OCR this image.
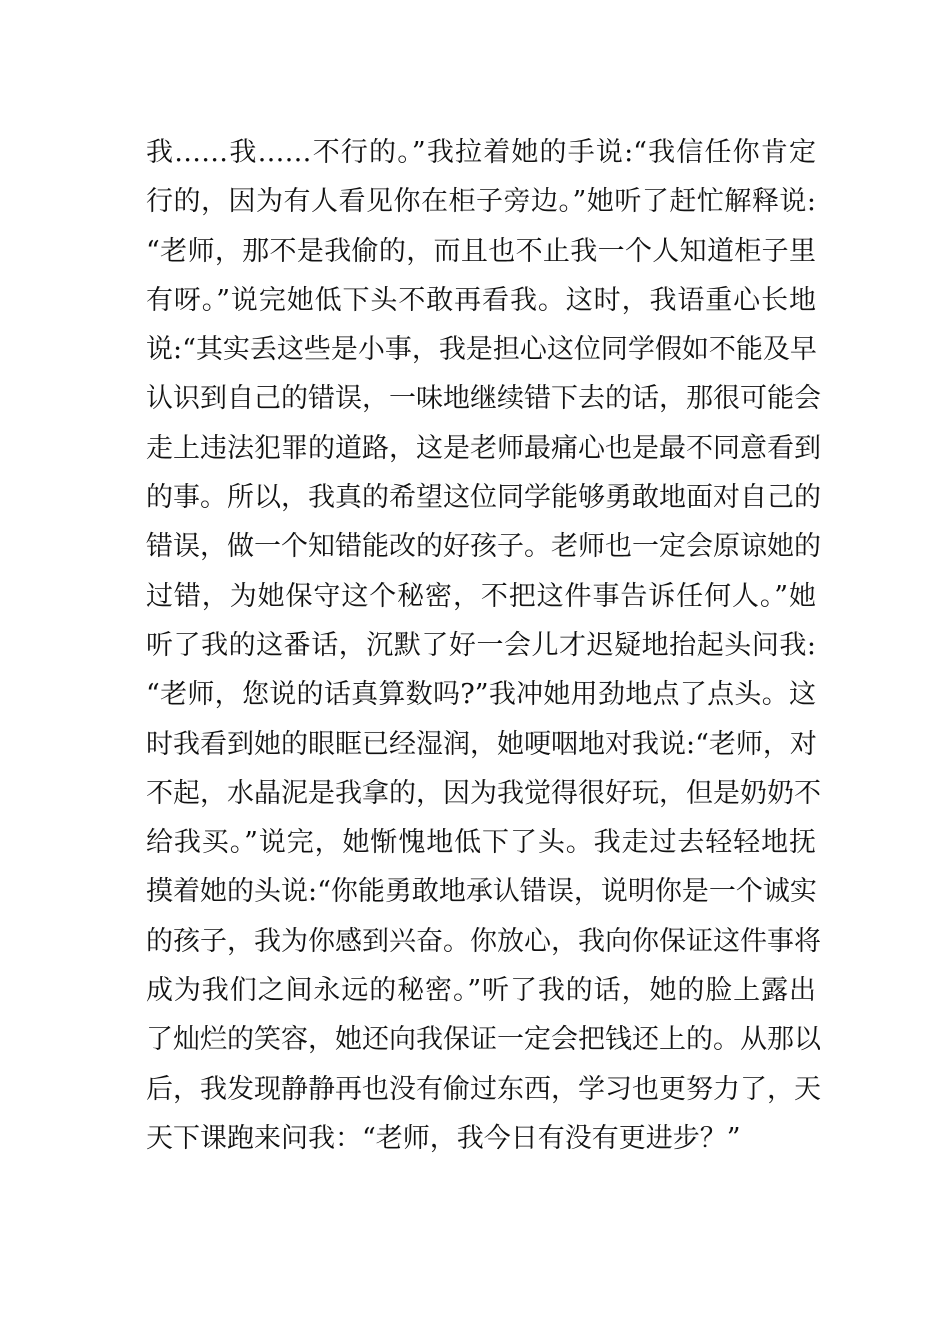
我……我……不行的。”我拉着她的手说:“我信任你肯定
行的，因为有人看见你在柜子旁边。”她听了赶忙解释说:
“老师，那不是我偷的，而且也不止我一个人知道柜子里
有呀。”说完她低下头不敢再看我。这时，我语重心长地
说:“其实丢这些是小事，我是担心这位同学假如不能及早
认识到自己的错误，一味地继续错下去的话，那很可能会
走上违法犯罪的道路，这是老师最痛心也是最不同意看到
的事。所以，我真的希望这位同学能够勇敢地面对自己的
错误，做一个知错能改的好孩子。老师也一定会原谅她的
过错，为她保守这个秘密，不把这件事告诉任何人。”她
听了我的这番话，沉默了好一会儿才迟疑地抬起头问我:
“老师，您说的话真算数吗?”我冲她用劲地点了点头。这
时我看到她的眼眶已经湿润，她哽咽地对我说:“老师，对
不起，水晶泥是我拿的，因为我觉得很好玩，但是奶奶不
给我买。”说完，她惭愧地低下了头。我走过去轻轻地抚
摸着她的头说:“你能勇敢地承认错误，说明你是一个诚实
的孩子，我为你感到兴奋。你放心，我向你保证这件事将
成为我们之间永远的秘密。”听了我的话，她的脸上露出
了灿烂的笑容，她还向我保证一定会把钱还上的。从那以
后，我发现静静再也没有偷过东西，学习也更努力了，天
天下课跑来问我：“老师，我今日有没有更进步？”
